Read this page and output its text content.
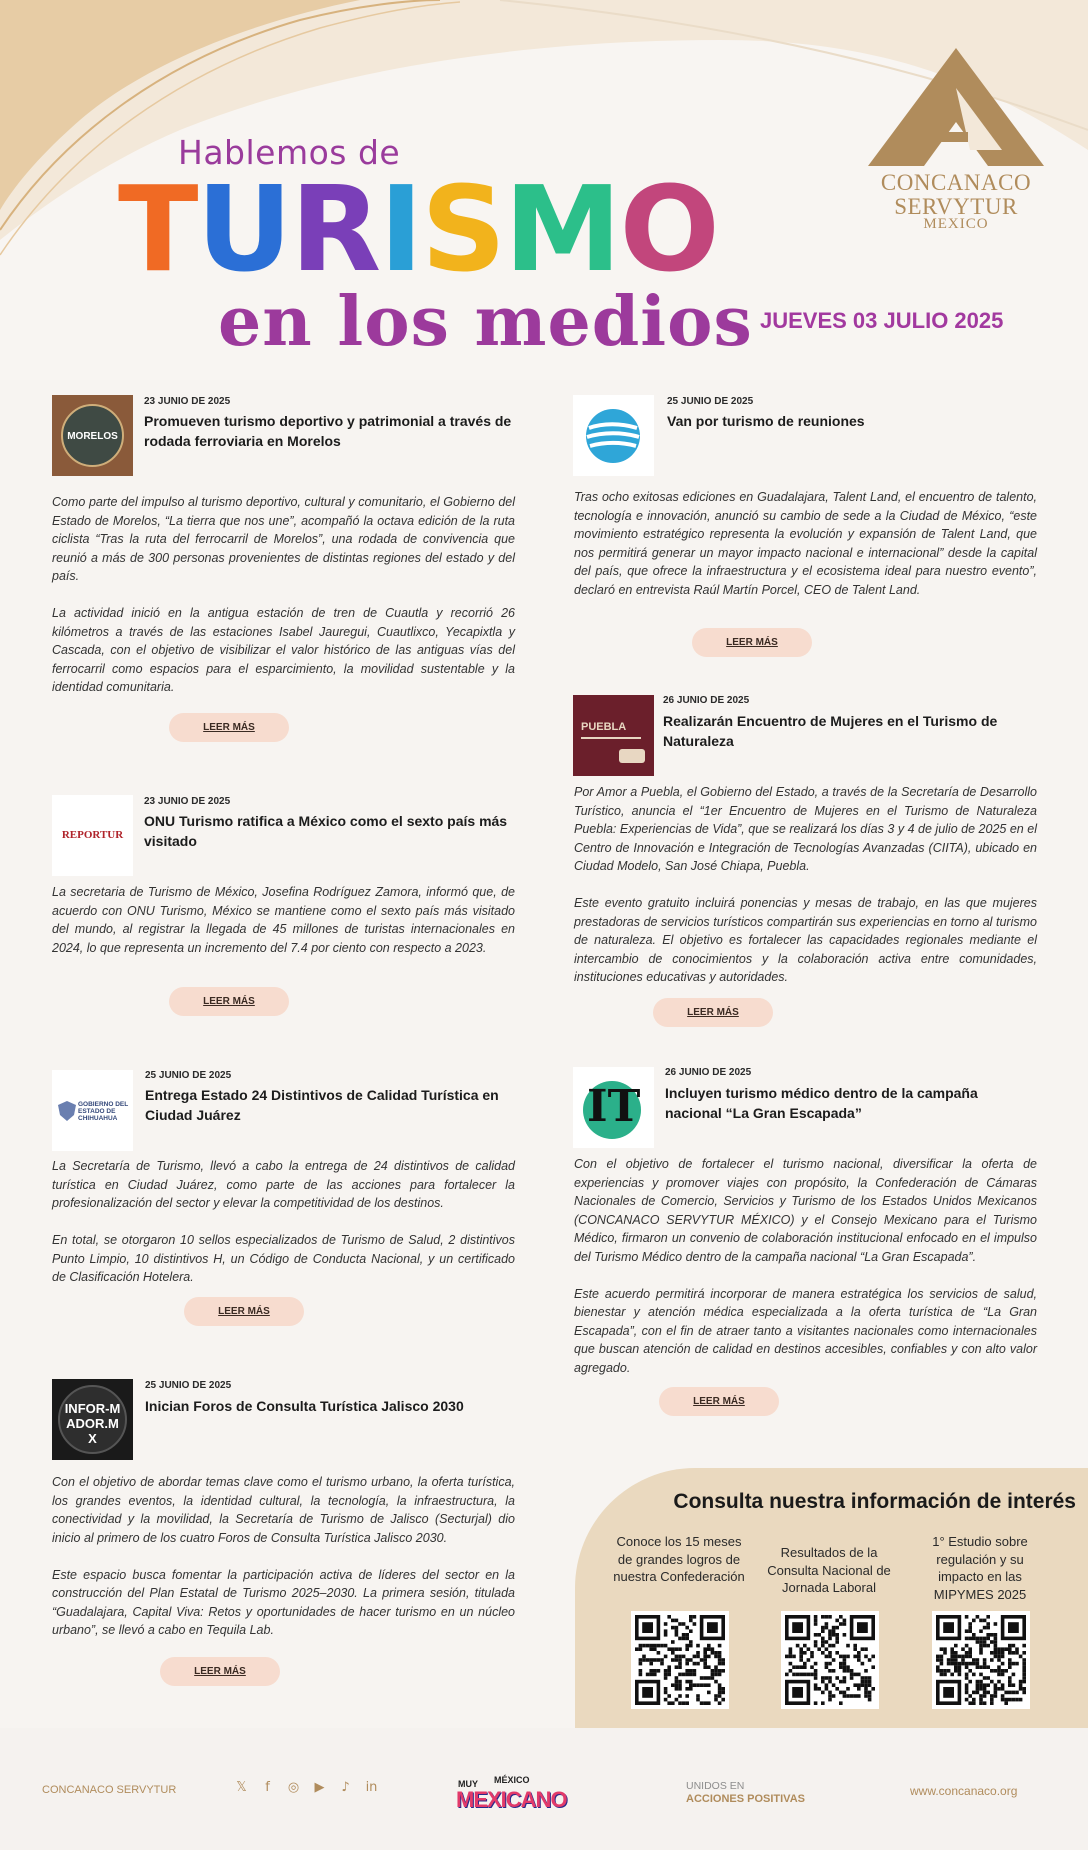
CONCANACO
SERVYTUR
MEXICO
Hablemos de
TURISMO
en los medios JUEVES 03 JULIO 2025
MORELOS
23 JUNIO DE 2025
Promueven turismo deportivo y patrimonial a través de rodada ferroviaria en Morelos

Como parte del impulso al turismo deportivo, cultural y comunitario, el Gobierno del Estado de Morelos, “La tierra que nos une”, acompañó la octava edición de la ruta ciclista “Tras la ruta del ferrocarril de Morelos”, una rodada de convivencia que reunió a más de 300 personas provenientes de distintas regiones del estado y del país.

La actividad inició en la antigua estación de tren de Cuautla y recorrió 26 kilómetros a través de las estaciones Isabel Jauregui, Cuautlixco, Yecapixtla y Cascada, con el objetivo de visibilizar el valor histórico de las antiguas vías del ferrocarril como espacios para el esparcimiento, la movilidad sustentable y la identidad comunitaria.

LEER MÁS
REPORTUR
23 JUNIO DE 2025
ONU Turismo ratifica a México como el sexto país más visitado

La secretaria de Turismo de México, Josefina Rodríguez Zamora, informó que, de acuerdo con ONU Turismo, México se mantiene como el sexto país más visitado del mundo, al registrar la llegada de 45 millones de turistas internacionales en 2024, lo que representa un incremento del 7.4 por ciento con respecto a 2023.

LEER MÁS
GOBIERNO DEL ESTADO DE CHIHUAHUA
25 JUNIO DE 2025
Entrega Estado 24 Distintivos de Calidad Turística en Ciudad Juárez

La Secretaría de Turismo, llevó a cabo la entrega de 24 distintivos de calidad turística en Ciudad Juárez, como parte de las acciones para fortalecer la profesionalización del sector y elevar la competitividad de los destinos.

En total, se otorgaron 10 sellos especializados de Turismo de Salud, 2 distintivos Punto Limpio, 10 distintivos H, un Código de Conducta Nacional, y un certificado de Clasificación Hotelera.

LEER MÁS
INFOR-MADOR.MX
25 JUNIO DE 2025
Inician Foros de Consulta Turística Jalisco 2030

Con el objetivo de abordar temas clave como el turismo urbano, la oferta turística, los grandes eventos, la identidad cultural, la tecnología, la infraestructura, la conectividad y la movilidad, la Secretaría de Turismo de Jalisco (Secturjal) dio inicio al primero de los cuatro Foros de Consulta Turística Jalisco 2030.

Este espacio busca fomentar la participación activa de líderes del sector en la construcción del Plan Estatal de Turismo 2025–2030. La primera sesión, titulada “Guadalajara, Capital Viva: Retos y oportunidades de hacer turismo en un núcleo urbano”, se llevó a cabo en Tequila Lab.

LEER MÁS
25 JUNIO DE 2025
Van por turismo de reuniones

Tras ocho exitosas ediciones en Guadalajara, Talent Land, el encuentro de talento, tecnología e innovación, anunció su cambio de sede a la Ciudad de México, “este movimiento estratégico representa la evolución y expansión de Talent Land, que nos permitirá generar un mayor impacto nacional e internacional” desde la capital del país, que ofrece la infraestructura y el ecosistema ideal para nuestro evento”, declaró en entrevista Raúl Martín Porcel, CEO de Talent Land.

LEER MÁS
PUEBLA
26 JUNIO DE 2025
Realizarán Encuentro de Mujeres en el Turismo de Naturaleza

Por Amor a Puebla, el Gobierno del Estado, a través de la Secretaría de Desarrollo Turístico, anuncia el “1er Encuentro de Mujeres en el Turismo de Naturaleza Puebla: Experiencias de Vida”, que se realizará los días 3 y 4 de julio de 2025 en el Centro de Innovación e Integración de Tecnologías Avanzadas (CIITA), ubicado en Ciudad Modelo, San José Chiapa, Puebla.

Este evento gratuito incluirá ponencias y mesas de trabajo, en las que mujeres prestadoras de servicios turísticos compartirán sus experiencias en torno al turismo de naturaleza. El objetivo es fortalecer las capacidades regionales mediante el intercambio de conocimientos y la colaboración activa entre comunidades, instituciones educativas y autoridades.

LEER MÁS
IT
26 JUNIO DE 2025
Incluyen turismo médico dentro de la campaña nacional “La Gran Escapada”

Con el objetivo de fortalecer el turismo nacional, diversificar la oferta de experiencias y promover viajes con propósito, la Confederación de Cámaras Nacionales de Comercio, Servicios y Turismo de los Estados Unidos Mexicanos (CONCANACO SERVYTUR MÉXICO) y el Consejo Mexicano para el Turismo Médico, firmaron un convenio de colaboración institucional enfocado en el impulso del Turismo Médico dentro de la campaña nacional “La Gran Escapada”.

Este acuerdo permitirá incorporar de manera estratégica los servicios de salud, bienestar y atención médica especializada a la oferta turística de “La Gran Escapada”, con el fin de atraer tanto a visitantes nacionales como internacionales que buscan atención de calidad en destinos accesibles, confiables y con alto valor agregado.

LEER MÁS
Consulta nuestra información de interés
Conoce los 15 meses de grandes logros de nuestra Confederación
Resultados de la Consulta Nacional de Jornada Laboral
1° Estudio sobre regulación y su impacto en las MIPYMES 2025
CONCANACO SERVYTUR	𝕏	f	◎ ▶ ♪ in	MUY MÉXICO
MEXICANO
UNIDOS EN
ACCIONES POSITIVAS
www.concanaco.org
